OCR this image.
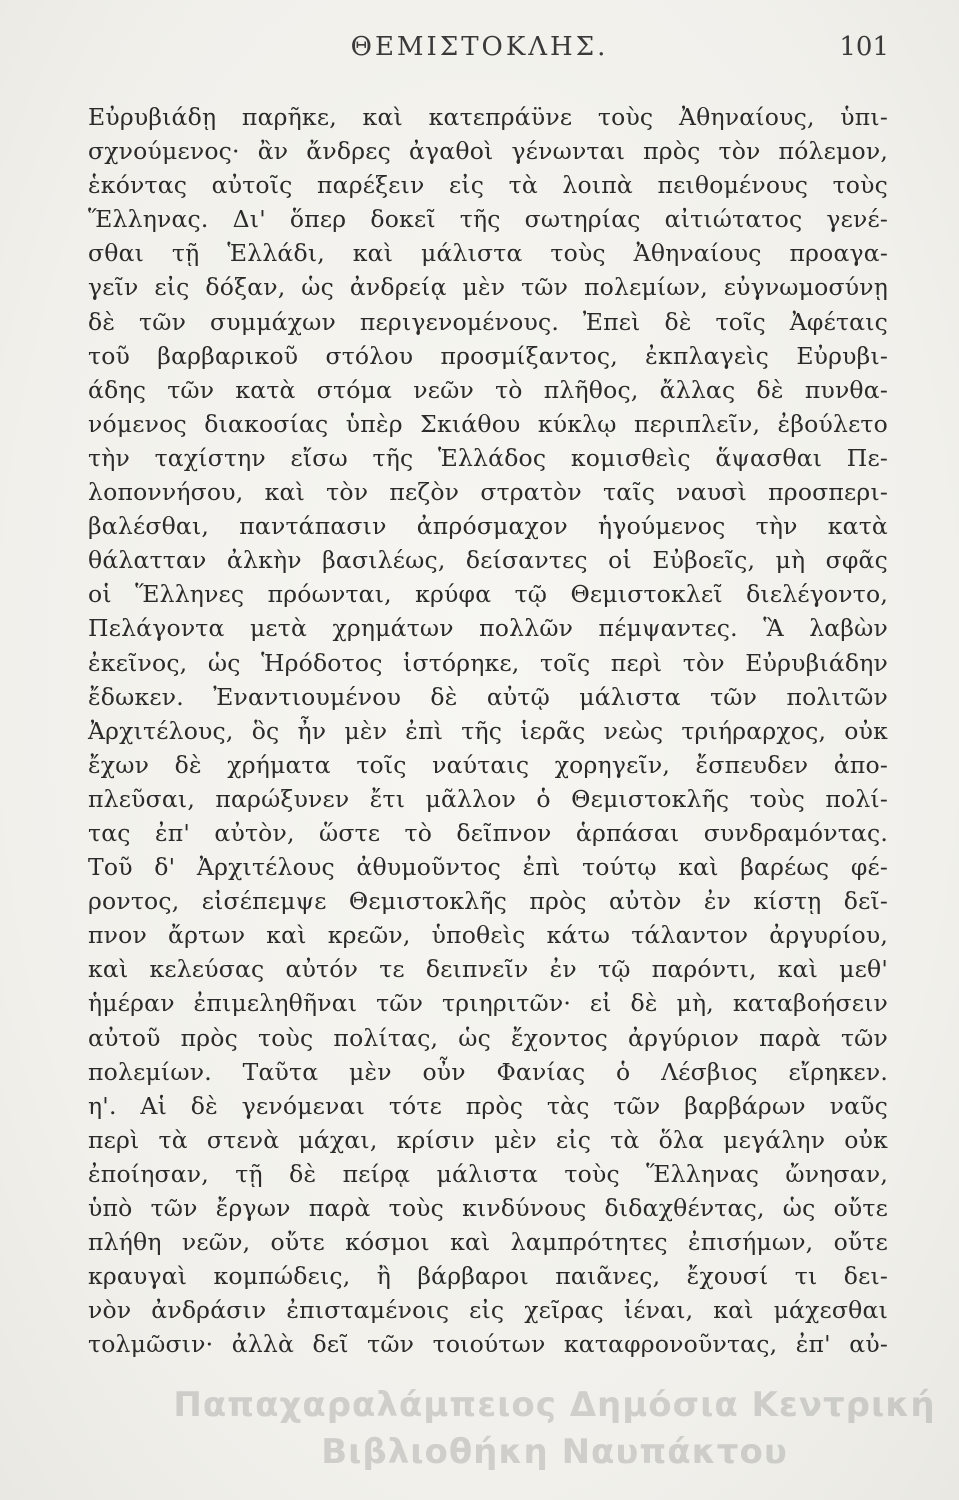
ΘΕΜΙΣΤΟΚΛΗΣ.	101
Εὐρυβιάδῃ παρῆκε, καὶ κατεπράϋνε τοὺς Ἀθηναίους, ὑπι-
σχνούμενος· ἂν ἄνδρες ἀγαθοὶ γένωνται πρὸς τὸν πόλεμον,
ἑκόντας αὐτοῖς παρέξειν εἰς τὰ λοιπὰ πειθομένους τοὺς
Ἕλληνας. Δι' ὅπερ δοκεῖ τῆς σωτηρίας αἰτιώτατος γενέ-
σθαι τῇ Ἑλλάδι, καὶ μάλιστα τοὺς Ἀθηναίους προαγα-
γεῖν εἰς δόξαν, ὡς ἀνδρείᾳ μὲν τῶν πολεμίων, εὐγνωμοσύνῃ
δὲ τῶν συμμάχων περιγενομένους. Ἐπεὶ δὲ τοῖς Ἀφέταις
τοῦ βαρβαρικοῦ στόλου προσμίξαντος, ἐκπλαγεὶς Εὐρυβι-
άδης τῶν κατὰ στόμα νεῶν τὸ πλῆθος, ἄλλας δὲ πυνθα-
νόμενος διακοσίας ὑπὲρ Σκιάθου κύκλῳ περιπλεῖν, ἐβούλετο
τὴν ταχίστην εἴσω τῆς Ἑλλάδος κομισθεὶς ἅψασθαι Πε-
λοποννήσου, καὶ τὸν πεζὸν στρατὸν ταῖς ναυσὶ προσπερι-
βαλέσθαι, παντάπασιν ἀπρόσμαχον ἡγούμενος τὴν κατὰ
θάλατταν ἀλκὴν βασιλέως, δείσαντες οἱ Εὐβοεῖς, μὴ σφᾶς
οἱ Ἕλληνες πρόωνται, κρύφα τῷ Θεμιστοκλεῖ διελέγοντο,
Πελάγοντα μετὰ χρημάτων πολλῶν πέμψαντες. Ἃ λαβὼν
ἐκεῖνος, ὡς Ἡρόδοτος ἱστόρηκε, τοῖς περὶ τὸν Εὐρυβιάδην
ἔδωκεν. Ἐναντιουμένου δὲ αὐτῷ μάλιστα τῶν πολιτῶν
Ἀρχιτέλους, ὃς ἦν μὲν ἐπὶ τῆς ἱερᾶς νεὼς τριήραρχος, οὐκ
ἔχων δὲ χρήματα τοῖς ναύταις χορηγεῖν, ἔσπευδεν ἀπο-
πλεῦσαι, παρώξυνεν ἔτι μᾶλλον ὁ Θεμιστοκλῆς τοὺς πολί-
τας ἐπ' αὐτὸν, ὥστε τὸ δεῖπνον ἁρπάσαι συνδραμόντας.
Τοῦ δ' Ἀρχιτέλους ἀθυμοῦντος ἐπὶ τούτῳ καὶ βαρέως φέ-
ροντος, εἰσέπεμψε Θεμιστοκλῆς πρὸς αὐτὸν ἐν κίστῃ δεῖ-
πνον ἄρτων καὶ κρεῶν, ὑποθεὶς κάτω τάλαντον ἀργυρίου,
καὶ κελεύσας αὐτόν τε δειπνεῖν ἐν τῷ παρόντι, καὶ μεθ'
ἡμέραν ἐπιμεληθῆναι τῶν τριηριτῶν· εἰ δὲ μὴ, καταβοήσειν
αὐτοῦ πρὸς τοὺς πολίτας, ὡς ἔχοντος ἀργύριον παρὰ τῶν
πολεμίων. Ταῦτα μὲν οὖν Φανίας ὁ Λέσβιος εἴρηκεν.
η'. Αἱ δὲ γενόμεναι τότε πρὸς τὰς τῶν βαρβάρων ναῦς
περὶ τὰ στενὰ μάχαι, κρίσιν μὲν εἰς τὰ ὅλα μεγάλην οὐκ
ἐποίησαν, τῇ δὲ πείρᾳ μάλιστα τοὺς Ἕλληνας ὤνησαν,
ὑπὸ τῶν ἔργων παρὰ τοὺς κινδύνους διδαχθέντας, ὡς οὔτε
πλήθη νεῶν, οὔτε κόσμοι καὶ λαμπρότητες ἐπισήμων, οὔτε
κραυγαὶ κομπώδεις, ἢ βάρβαροι παιᾶνες, ἔχουσί τι δει-
νὸν ἀνδράσιν ἐπισταμένοις εἰς χεῖρας ἰέναι, καὶ μάχεσθαι
τολμῶσιν· ἀλλὰ δεῖ τῶν τοιούτων καταφρονοῦντας, ἐπ' αὐ-
Παπαχαραλάμπειος Δημόσια Κεντρική
Βιβλιοθήκη Ναυπάκτου
